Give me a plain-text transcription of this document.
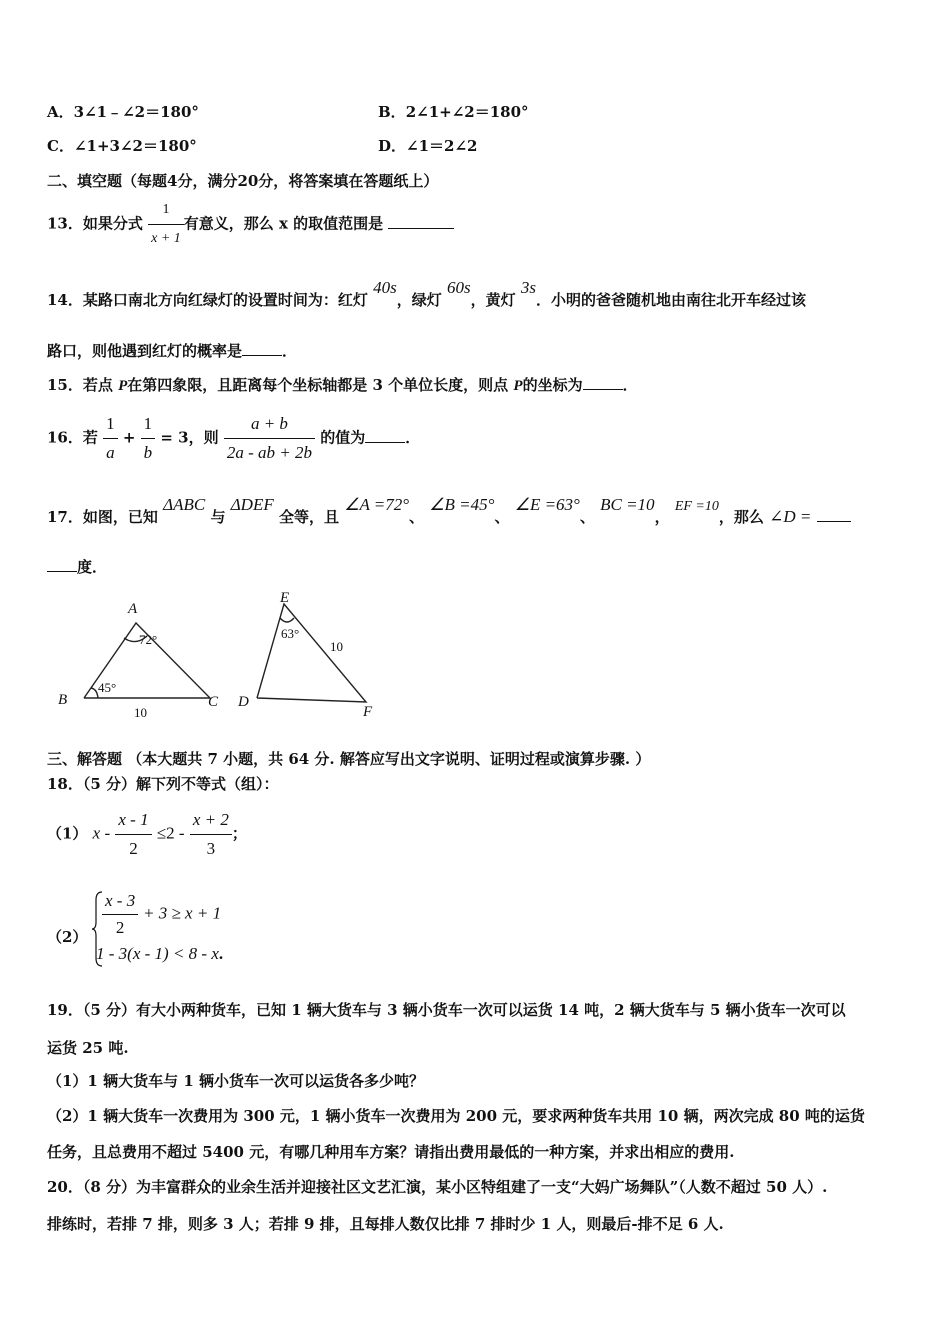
A．3∠1﹣∠2＝180°	B．2∠1+∠2＝180°
C．∠1+3∠2＝180°	D．∠1＝2∠2
二、填空题（每题4分，满分20分，将答案填在答题纸上）
13．如果分式 $\frac{1}{x + 1}$ 有意义，那么 x 的取值范围是
14．某路口南北方向红绿灯的设置时间为：红灯 40s，绿灯 60s，黄灯 3s．小明的爸爸随机地由南往北开车经过该
路口，则他遇到红灯的概率是	．
15．若点 P在第四象限，且距离每个坐标轴都是 3 个单位长度，则点 P的坐标为	．
16．若 $\frac{1}{a} + \frac{1}{b} = 3$，则 $\frac{a + b}{2a - ab + 2b}$ 的值为	．
17．如图，已知 ΔABC 与 ΔDEF 全等，且 ∠A =72°、 ∠B =45°、 ∠E =63°、 BC =10， EF =10，那么 ∠D =
度．
A
B	C
E
D
F
72°
45°
10
63°
10
三、解答题 （本大题共 7 小题，共 64 分. 解答应写出文字说明、证明过程或演算步骤. ）
18．（5 分）解下列不等式（组）：
（1） $x - \frac{x - 1}{2} \le 2 - \frac{x + 2}{3}$ ；
$(2) \frac{x - 3}{2} + 3 \ge x + 1$
1 - 3(x - 1) < 8 - x.
19．（5 分）有大小两种货车，已知 1 辆大货车与 3 辆小货车一次可以运货 14 吨，2 辆大货车与 5 辆小货车一次可以
运货 25 吨.
（1）1 辆大货车与 1 辆小货车一次可以运货各多少吨？
（2）1 辆大货车一次费用为 300 元，1 辆小货车一次费用为 200 元，要求两种货车共用 10 辆，两次完成 80 吨的运货
任务，且总费用不超过 5400 元，有哪几种用车方案？请指出费用最低的一种方案，并求出相应的费用.
20．（8 分）为丰富群众的业余生活并迎接社区文艺汇演，某小区特组建了一支“大妈广场舞队”（人数不超过 50 人）.
排练时，若排 7 排，则多 3 人；若排 9 排，且每排人数仅比排 7 排时少 1 人，则最后-排不足 6 人.
